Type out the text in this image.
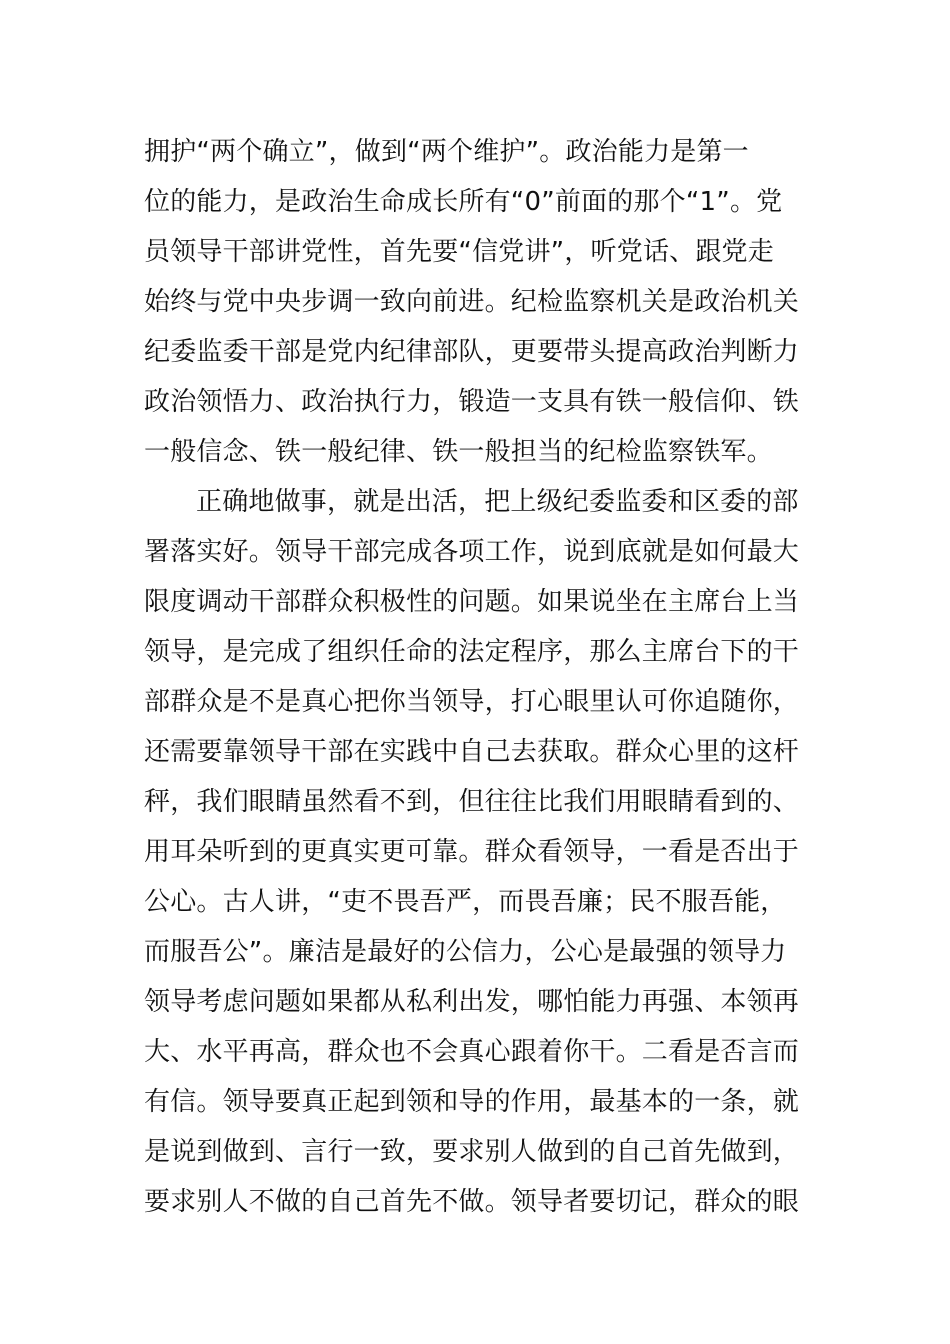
拥护“两个确立”，做到“两个维护”。政治能力是第一
位的能力，是政治生命成长所有“0”前面的那个“1”。党
员领导干部讲党性，首先要“信党讲”，听党话、跟党走
始终与党中央步调一致向前进。纪检监察机关是政治机关
纪委监委干部是党内纪律部队，更要带头提高政治判断力
政治领悟力、政治执行力，锻造一支具有铁一般信仰、铁
一般信念、铁一般纪律、铁一般担当的纪检监察铁军。
正确地做事，就是出活，把上级纪委监委和区委的部
署落实好。领导干部完成各项工作，说到底就是如何最大
限度调动干部群众积极性的问题。如果说坐在主席台上当
领导，是完成了组织任命的法定程序，那么主席台下的干
部群众是不是真心把你当领导，打心眼里认可你追随你，
还需要靠领导干部在实践中自己去获取。群众心里的这杆
秤，我们眼睛虽然看不到，但往往比我们用眼睛看到的、
用耳朵听到的更真实更可靠。群众看领导，一看是否出于
公心。古人讲，“吏不畏吾严，而畏吾廉；民不服吾能，
而服吾公”。廉洁是最好的公信力，公心是最强的领导力
领导考虑问题如果都从私利出发，哪怕能力再强、本领再
大、水平再高，群众也不会真心跟着你干。二看是否言而
有信。领导要真正起到领和导的作用，最基本的一条，就
是说到做到、言行一致，要求别人做到的自己首先做到，
要求别人不做的自己首先不做。领导者要切记，群众的眼
